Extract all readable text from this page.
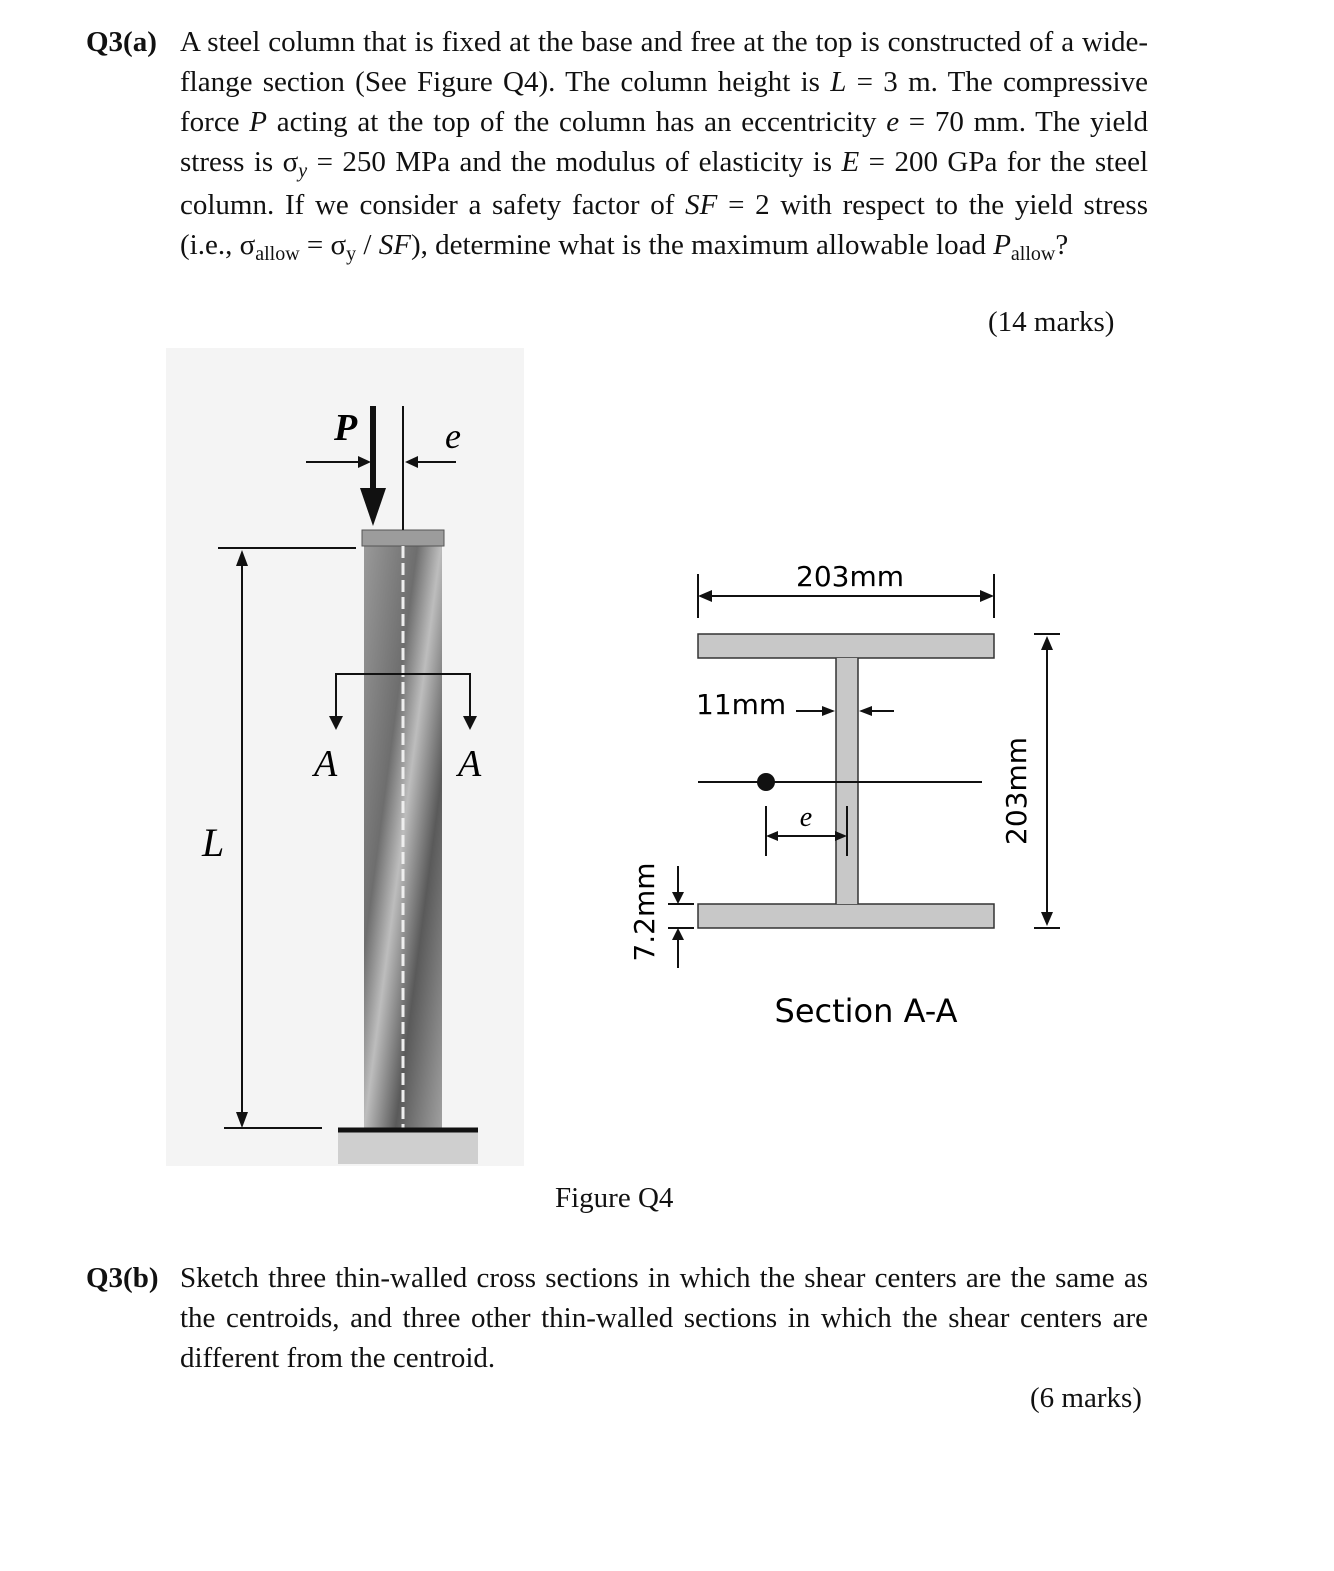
Q3(a) A steel column that is fixed at the base and free at the top is constructed of a wide-flange section (See Figure Q4). The column height is L = 3 m. The compressive force P acting at the top of the column has an eccentricity e = 70 mm. The yield stress is $\sigma_y = 250$ MPa and the modulus of elasticity is E = 200 GPa for the steel column. If we consider a safety factor of SF = 2 with respect to the yield stress (i.e., $\sigma_{allow} = \sigma_y / SF$), determine what is the maximum allowable load $P_{allow}$?
(14 marks)
P e
A	A
L
203mm
11mm
e	203mm
7.2mm
Section A-A
Figure Q4
Q3(b) Sketch three thin-walled cross sections in which the shear centers are the same as the centroids, and three other thin-walled sections in which the shear centers are different from the centroid.
(6 marks)
